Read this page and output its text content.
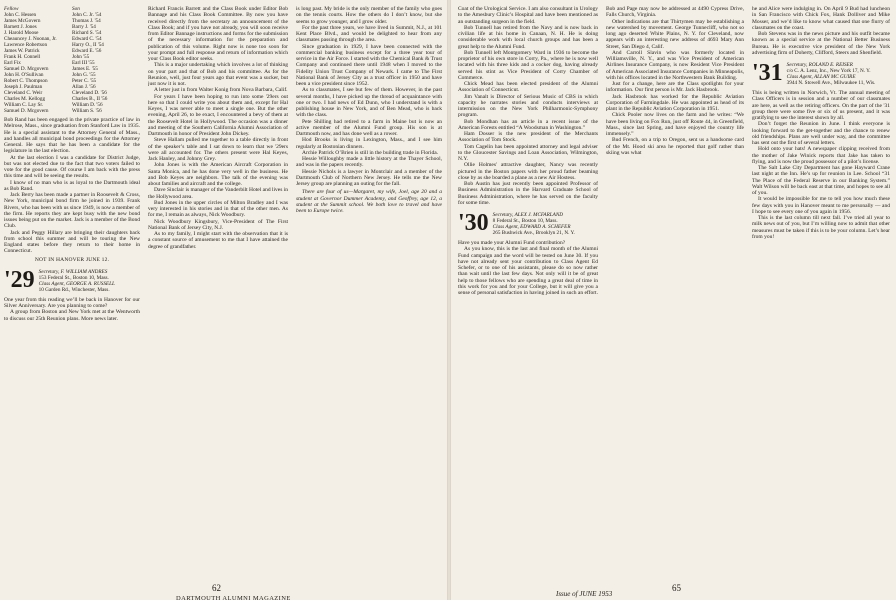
Fellow
John C. Hessen
James McGovern
Barnett J. Jones
J. Harold Moose
Cheauncey J. Noonan, Jr.
Lawrence Robertson
James W. Patrick
Frank H. Connell
Earl Fix
Samuel D. Mcgovern
John H. O'Sullivan
Robert C. Thompson
Joseph J. Paulman
Cleveland C. Weir
Charles M. Kellogg
William C. Lay Sr.
Samuel D. Mcgovern
Son
John C. Jr. '54
Thomas J. '54
Barry J. '54
Richard S. '54
Edward C. '54
Harry O., II '54
Edward E. '56
John '55
Earl III '55
James E. '55
John G. '55
Peter C. '55
Allan J. '56
Cleveland D. '56
Charles B., II '56
William D. '56
William S. '56

Bob Rand has been engaged in the private practice of law in Melrose, Mass., since graduation from Stanford Law in 1935. He is a special assistant to the Attorney General of Mass., and handles all municipal bond proceedings for the Attorney General. He says that he has been a candidate for the legislature in the last election.

At the last election I was a candidate for District Judge, but was not elected due to the fact that two voters failed to vote for the good cause. Of course I am back with the press this time and will be seeing the results.

I know of no man who is as loyal to the Dartmouth ideal as Bob Rand.

Jack Berry has been made a partner in Roosevelt & Cross, New York, municipal bond firm he joined in 1939. Frank Rivers, who has been with us since 1949, is now a member of the firm. He reports they are kept busy with the new bond issues being put on the market. Jack is a member of the Bond Club.

Jack and Peggy Hillary are bringing their daughters back from school this summer and will be touring the New England states before they return to their home in Connecticut.

NOT IN HANOVER JUNE 12.

'29 Secretary, F. WILLIAM ANDRES
153 Federal St., Boston 10, Mass.
Class Agent, GEORGE A. RUSSELL
10 Garden Rd., Winchester, Mass.

One year from this reading we’ll be back in Hanover for our Silver Anniversary. Are you planning to come?

A group from Boston and New York met at the Wentworth to discuss our 25th Reunion plans. More news later.

Richard Francis Barrett and the Class Book under Editor Bob Bannage and his Class Book Committee. By now you have received directly from the secretary an announcement of the Class Book; and if you have not already, you will soon receive from Editor Bannage instructions and forms for the submission of the necessary information for the preparation and publication of this volume. Right now is none too soon for your prompt and full response and return of information which your Class Book editor seeks.

This is a major undertaking which involves a lot of thinking on your part and that of Bob and his committee. As for the Reunion, well, just four years ago that event was a sucker, but just now it is not.

A letter just in from Walter Konig from Nova Barbara, Calif.

For years I have been hoping to run into some '29ers out here so that I could write you about them and, except for Hal Keyes, I was never able to meet a single one. But the other evening, April 26, to be exact, I encountered a bevy of them at the Roosevelt Hotel in Hollywood. The occasion was a dinner and meeting of the Southern California Alumni Association of Dartmouth in honor of President John Dickey.

Steve Hallam pulled me together to a table directly in front of the speaker’s table and I sat down to learn that we '29ers were all accounted for. The others present were Hal Keyes, Jack Hanley, and Johnny Grey.

John Jones is with the American Aircraft Corporation in Santa Monica, and he has done very well in the business. He and Bob Keyes are neighbors. The talk of the evening was about families and aircraft and the college.

Dave Sinclair is manager of the Vanderbilt Hotel and lives in the Hollywood area.

Bud Jones in the upper circles of Milton Bradley and I was very interested in his stories and in that of the other men. As for me, I remain as always, Nick Woodbury.

Nick Woodbury Kingsbury, Vice-President of The First National Bank of Jersey City, N.J.

As to my family, I might start with the observation that it is a constant source of amusement to me that I have attained the degree of grandfather.

is long past. My bride is the only member of the family who goes on the tennis courts. How the others do I don’t know, but she seems to grow younger, and I grow older.

For the past three years, we have lived in Summit, N.J., at 101 Kent Place Blvd., and would be delighted to hear from any classmates passing through the area.

Since graduation in 1929, I have been connected with the commercial banking business except for a three year tour of service in the Air Force. I started with the Chemical Bank & Trust Company and continued there until 1948 when I moved to the Fidelity Union Trust Company of Newark. I came to The First National Bank of Jersey City as a trust officer in 1950 and have been a vice president since 1952.

As to classmates, I see but few of them. However, in the past several months, I have picked up the thread of acquaintance with one or two. I had news of Ed Dunn, who I understand is with a publishing house in New York, and of Ben Mead, who is back with the class.

Pete Shilling had retired to a farm in Maine but is now an active member of the Alumni Fund group. His son is at Dartmouth now, and has done well as a rower.

Hod Brooks is living in Lexington, Mass., and I see him regularly at Bostonian dinners.

Archie Patrick O’Brien is still in the building trade in Florida.

Hessie Willoughby made a little history at the Thayer School, and was in the papers recently.

Hessie Nichols is a lawyer in Montclair and a member of the Dartmouth Club of Northern New Jersey. He tells me the New Jersey group are planning an outing for the fall.

There are four of us—Margaret, my wife, Joel, age 20 and a student at Governor Dummer Academy, and Geoffrey, age 12, a student at the Summit school. We both love to travel and have been to Europe twice.

62
DARTMOUTH ALUMNI MAGAZINE

Coat of the Urological Service. I am also consultant in Urology to the Amesbury Clinic’s Hospital and have been mentioned as an outstanding surgeon in the field.

Bob Tunnell has retired from the Navy and is now back in civilian life at his home in Canaan, N. H. He is doing considerable work with local church groups and has been a great help to the Alumni Fund.

Bob Tunnell left Montgomery Ward in 1936 to become the proprietor of his own store in Corry, Pa., where he is now well located with his three kids and a cocker dog, having already served his stint as Vice President of Corry Chamber of Commerce.

Chick Mead has been elected president of the Alumni Association of Connecticut.

Jim Vanalt is Director of Serious Music of CBS in which capacity he narrates stories and conducts interviews at intermission on the New York Philharmonic-Symphony program.

Bob Mondhan has an article in a recent issue of the American Forests entitled “A Woodsman in Washington.”

Ham Dosser is the new president of the Merchants Association of Tom Stock.

Tom Cagelin has been appointed attorney and legal adviser to the Gloucester Savings and Loan Association, Wilmington, N.Y.

Ollie Holmes' attractive daughter, Nancy was recently pictured in the Boston papers with her proud father beaming close by as she boarded a plane as a new Air Hostess.

Bob Austin has just recently been appointed Professor of Business Administration in the Harvard Graduate School of Business Administration, where he has served on the faculty for some time.

'30 Secretary, ALEX J. MCFARLAND
8 Federal St., Boston 10, Mass.
Class Agent, EDWARD A. SCHEFER
265 Bushwick Ave., Brooklyn 21, N. Y.

Have you made your Alumni Fund contribution?

As you know, this is the last and final month of the Alumni Fund campaign and the word will be tested on June 30. If you have not already sent your contribution to Class Agent Ed Schefer, or to one of his assistants, please do so now rather than wait until the last few days. Not only will it be of great help to those fellows who are spending a great deal of time in this work for you and for your College, but it will give you a sense of personal satisfaction in having joined in such an effort.

Bob and Page may now be addressed at 4490 Cypress Drive, Falls Church, Virginia.

Other indications are that Thirtymen may be establishing a new watershed by movement. George Tunnecliff, who not so long ago deserted White Plains, N. Y. for Cleveland, now appears with an interesting new address of 4693 Mary Ann Street, San Diego 4, Calif.

And Carroll Slavin who was formerly located in Williamsville, N. Y., and was Vice President of American Airlines Insurance Company, is now Resident Vice President of American Associated Insurance Companies in Minneapolis, with his offices located in the Northwestern Bank Building.

Just for a change, here are the Class spotlights for your information. Our first person is Mr. Jack Hasbrook.

Jack Hasbrook has worked for the Republic Aviation Corporation of Farmingdale. He was appointed as head of its plant in the Republic Aviation Corporation in 1951.

Chick Pooler now lives on the farm and he writes: “We have been living on Fox Run, just off Route 44, in Greenfield, Mass., since last Spring, and have enjoyed the country life immensely.”

Bud French, on a trip to Oregon, sent us a handsome card of the Mt. Hood ski area he reported that golf rather than skiing was what

he and Alice were indulging in. On April 9 Bud had luncheon in San Francisco with Chick Fox, Hank Dolliver and Mike Mosser, and we’d like to know what caused that one flurry of classmates on the coast.

Bob Stevens was in the news picture and his outfit became known as a special service at the National Better Business Bureau. He is executive vice president of the New York advertising firm of Doherty, Clifford, Steers and Shenfield.

'31 Secretary, ROLAND E. REISER
c/o C. A. Lenz, Inc., New York 17, N. Y.
Class Agent, ALLAN MC GUIRE
3944 N. Stowell Ave., Milwaukee 11, Wis.

This is being written in Norwich, Vt. The annual meeting of Class Officers is in session and a number of our classmates are here, as well as the retiring officers. On the part of the '31 group there were some five or six of us present, and it was gratifying to see the interest shown by all.

Don’t forget the Reunion in June. I think everyone is looking forward to the get-together and the chance to renew old friendships. Plans are well under way, and the committee has sent out the first of several letters.

Hold onto your hats! A newspaper clipping received from the mother of Jake Winick reports that Jake has taken to flying, and is now the proud possessor of a pilot’s license.

The Salt Lake City Department has gone Hayward Crane last night at the Inn. He’s up for reunion in Lee. School “31 The Place of the Federal Reserve in our Banking System.” Walt Wilson will be back east at that time, and hopes to see all of you.

It would be impossible for me to tell you how much these few days with you in Hanover meant to me personally — and I hope to see every one of you again in 1956.

This is the last column till next fall. I’ve tried all year to milk news out of you, but I’m willing now to admit that other measures must be taken if this is to be your column. Let’s hear from you!

Issue of JUNE 1953
65
